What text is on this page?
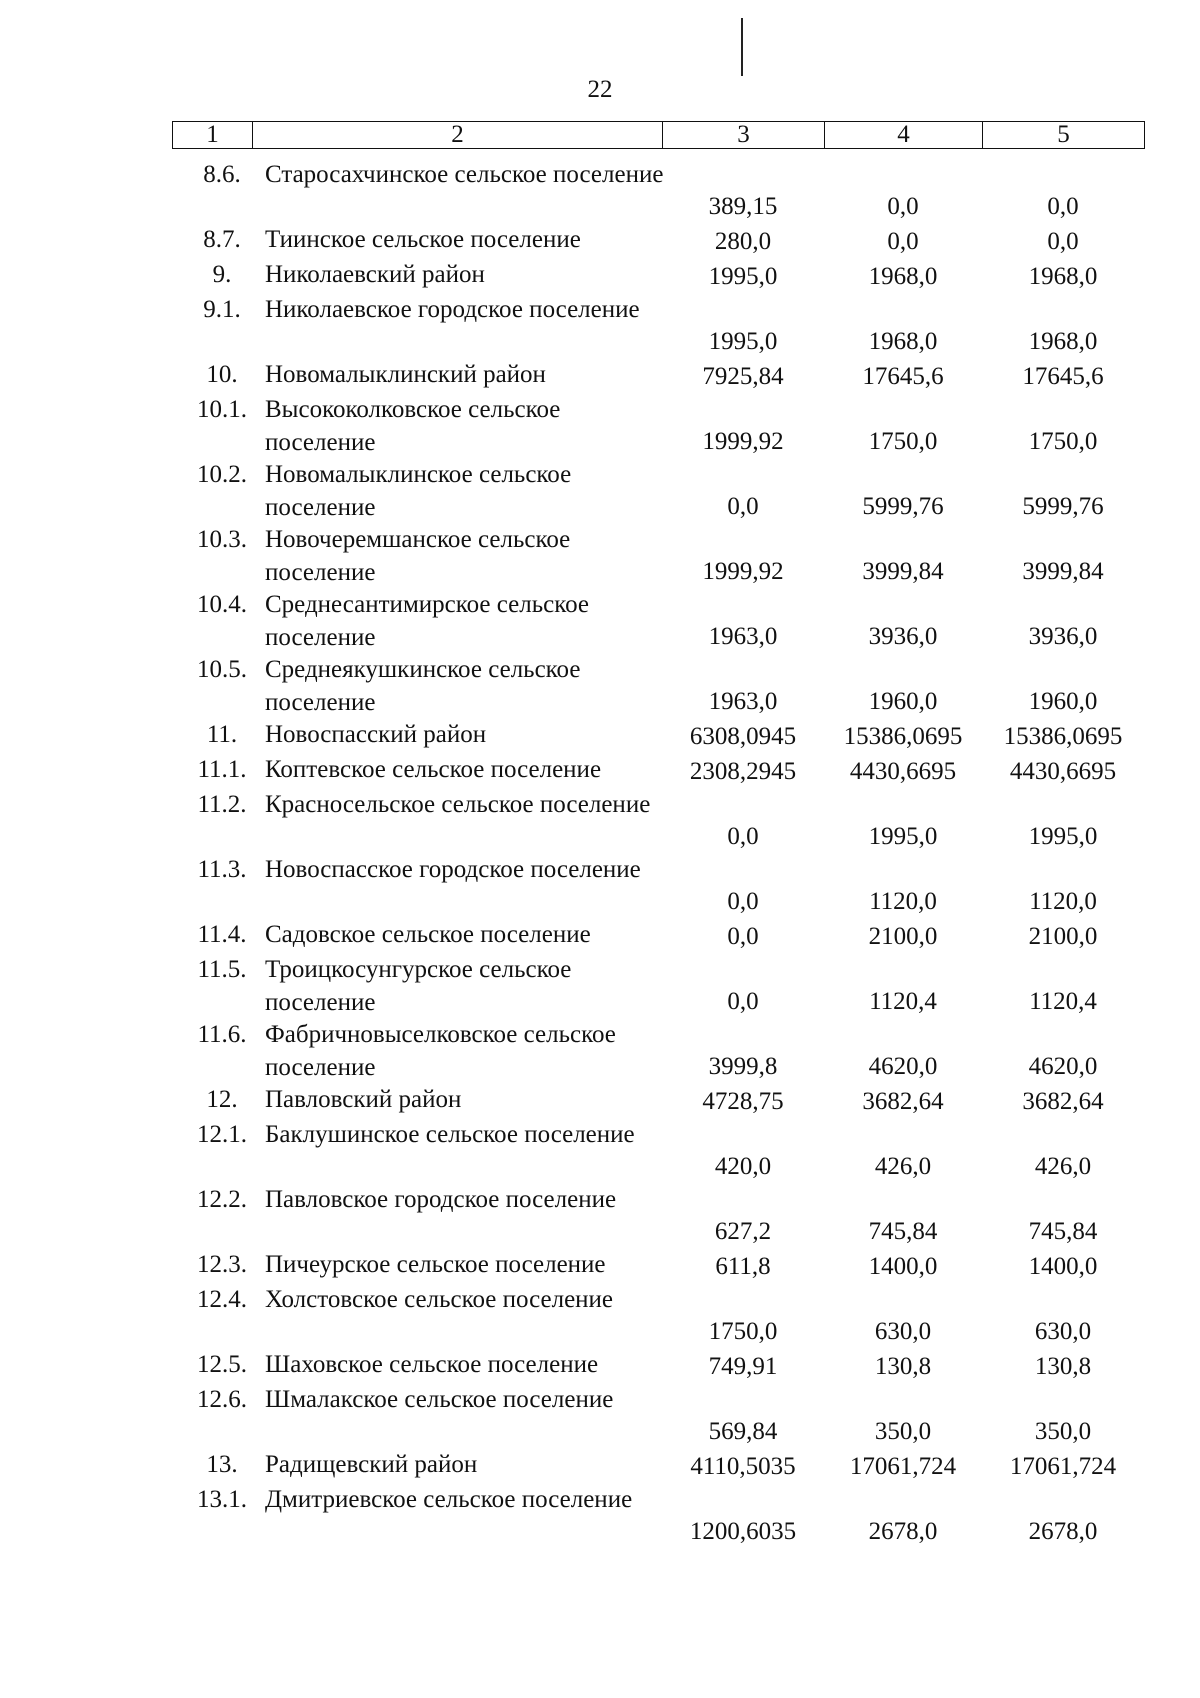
22
1	2	3	4	5
8.6. Старосахчинское сельское поселение
389,15	0,0	0,0
8.7. Тиинское сельское поселение	280,0	0,0	0,0
9.	Николаевский район	1995,0	1968,0	1968,0
9.1. Николаевское городское поселение
1995,0	1968,0	1968,0
10.	Новомалыклинский район	7925,84	17645,6	17645,6
10.1. Высококолковское сельское поселение	1999,92	1750,0	1750,0
10.2. Новомалыклинское сельское поселение	0,0	5999,76	5999,76
10.3. Новочеремшанское сельское поселение	1999,92	3999,84	3999,84
10.4. Среднесантимирское сельское поселение	1963,0	3936,0	3936,0
10.5. Среднеякушкинское сельское поселение	1963,0	1960,0	1960,0
11.	Новоспасский район	6308,0945	15386,0695	15386,0695
11.1. Коптевское сельское поселение	2308,2945	4430,6695	4430,6695
11.2. Красносельское сельское поселение
0,0	1995,0	1995,0
11.3. Новоспасское городское поселение
0,0	1120,0	1120,0
11.4. Садовское сельское поселение	0,0	2100,0	2100,0
11.5. Троицкосунгурское сельское поселение	0,0	1120,4	1120,4
11.6. Фабричновыселковское сельское поселение	3999,8	4620,0	4620,0
12.	Павловский район	4728,75	3682,64	3682,64
12.1. Баклушинское сельское поселение
420,0	426,0	426,0
12.2. Павловское городское поселение
627,2	745,84	745,84
12.3. Пичеурское сельское поселение	611,8	1400,0	1400,0
12.4. Холстовское сельское поселение
1750,0	630,0	630,0
12.5. Шаховское сельское поселение	749,91	130,8	130,8
12.6. Шмалакское сельское поселение
569,84	350,0	350,0
13.	Радищевский район	4110,5035	17061,724	17061,724
13.1. Дмитриевское сельское поселение
1200,6035	2678,0	2678,0
